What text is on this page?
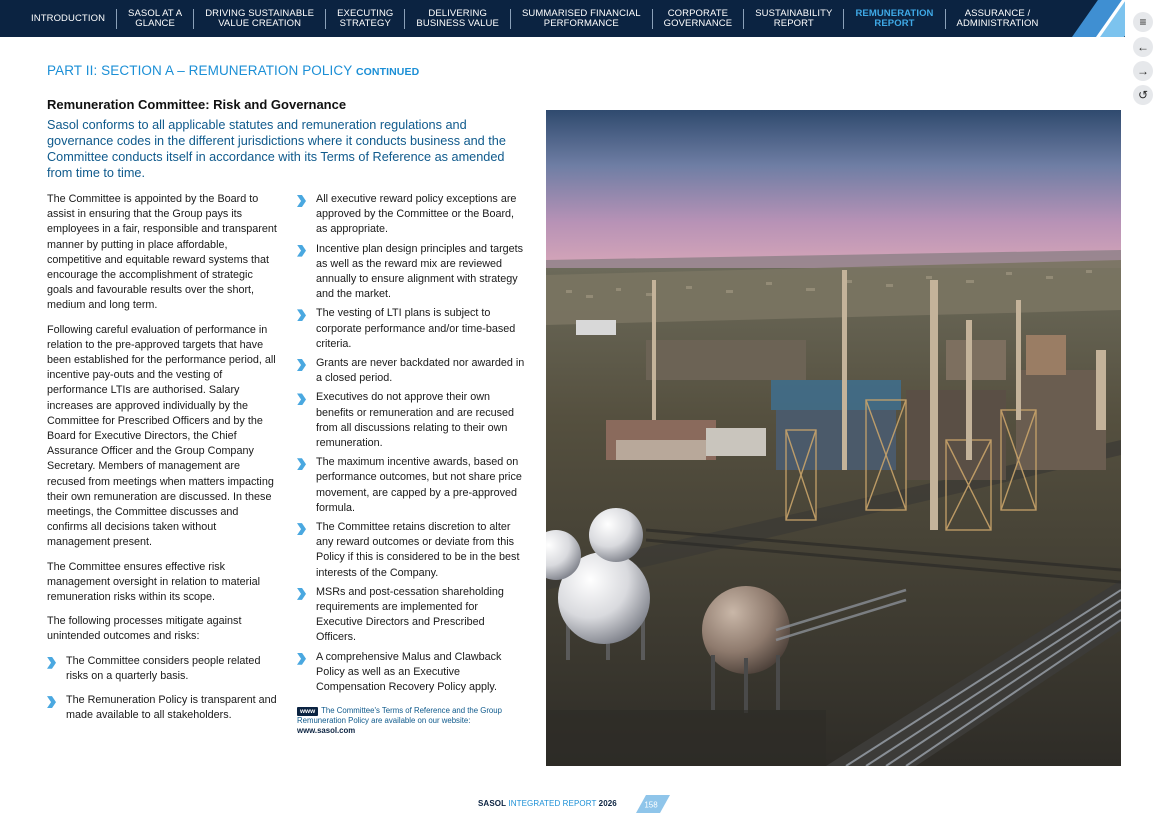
INTRODUCTION	SASOL AT A
GLANCE
DRIVING SUSTAINABLE
VALUE CREATION
EXECUTING
STRATEGY
DELIVERING
BUSINESS VALUE
SUMMARISED FINANCIAL
PERFORMANCE
CORPORATE
GOVERNANCE
SUSTAINABILITY
REPORT
REMUNERATION
REPORT
ASSURANCE /
ADMINISTRATION	≡
←
→
↺
PART II: SECTION A – REMUNERATION POLICY CONTINUED
Remuneration Committee: Risk and Governance

Sasol conforms to all applicable statutes and remuneration regulations and governance codes in the different jurisdictions where it conducts business and the Committee conducts itself in accordance with its Terms of Reference as amended from time to time.

The Committee is appointed by the Board to assist in ensuring that the Group pays its employees in a fair, responsible and transparent manner by putting in place affordable, competitive and equitable reward systems that encourage the accomplishment of strategic goals and favourable results over the short, medium and long term.

Following careful evaluation of performance in relation to the pre-approved targets that have been established for the performance period, all incentive pay-outs and the vesting of performance LTIs are authorised. Salary increases are approved individually by the Committee for Prescribed Officers and by the Board for Executive Directors, the Chief Assurance Officer and the Group Company Secretary. Members of management are recused from meetings when matters impacting their own remuneration are discussed. In these meetings, the Committee discusses and confirms all decisions taken without management present.

The Committee ensures effective risk management oversight in relation to material remuneration risks within its scope.

The following processes mitigate against unintended outcomes and risks:

The Committee considers people related risks on a quarterly basis.
The Remuneration Policy is transparent and made available to all stakeholders.
All executive reward policy exceptions are approved by the Committee or the Board, as appropriate.
Incentive plan design principles and targets as well as the reward mix are reviewed annually to ensure alignment with strategy and the market.
The vesting of LTI plans is subject to corporate performance and/or time-based criteria.
Grants are never backdated nor awarded in a closed period.
Executives do not approve their own benefits or remuneration and are recused from all discussions relating to their own remuneration.
The maximum incentive awards, based on performance outcomes, but not share price movement, are capped by a pre-approved formula.
The Committee retains discretion to alter any reward outcomes or deviate from this Policy if this is considered to be in the best interests of the Company.
MSRs and post-cessation shareholding requirements are implemented for Executive Directors and Prescribed Officers.
A comprehensive Malus and Clawback Policy as well as an Executive Compensation Recovery Policy apply.
www The Committee's Terms of Reference and the Group Remuneration Policy are available on our website:
www.sasol.com
SASOL INTEGRATED REPORT 2026	158
